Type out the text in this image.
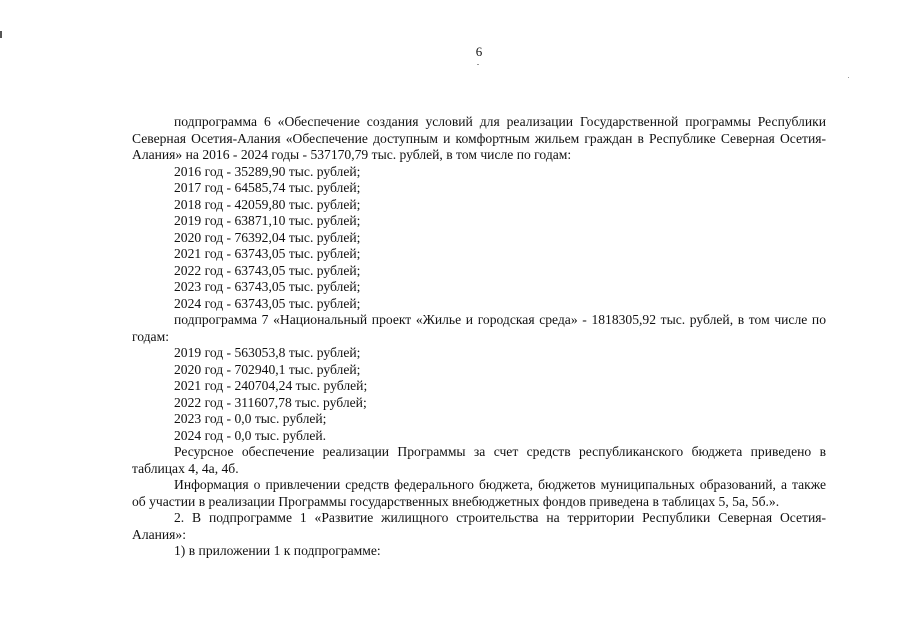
6

подпрограмма 6 «Обеспечение создания условий для реализации Государственной программы Республики Северная Осетия-Алания «Обеспечение доступным и комфортным жильем граждан в Республике Северная Осетия-Алания» на 2016 - 2024 годы - 537170,79 тыс. рублей, в том числе по годам:

2016 год - 35289,90 тыс. рублей;

2017 год - 64585,74 тыс. рублей;

2018 год - 42059,80 тыс. рублей;

2019 год - 63871,10 тыс. рублей;

2020 год - 76392,04 тыс. рублей;

2021 год - 63743,05 тыс. рублей;

2022 год - 63743,05 тыс. рублей;

2023 год - 63743,05 тыс. рублей;

2024 год - 63743,05 тыс. рублей;

подпрограмма 7 «Национальный проект «Жилье и городская среда» - 1818305,92 тыс. рублей, в том числе по годам:

2019 год - 563053,8 тыс. рублей;

2020 год - 702940,1 тыс. рублей;

2021 год - 240704,24 тыс. рублей;

2022 год - 311607,78 тыс. рублей;

2023 год - 0,0 тыс. рублей;

2024 год - 0,0 тыс. рублей.

Ресурсное обеспечение реализации Программы за счет средств республиканского бюджета приведено в таблицах 4, 4а, 4б.

Информация о привлечении средств федерального бюджета, бюджетов муниципальных образований, а также об участии в реализации Программы государственных внебюджетных фондов приведена в таблицах 5, 5а, 5б.».

2. В подпрограмме 1 «Развитие жилищного строительства на территории Республики Северная Осетия-Алания»:

1) в приложении 1 к подпрограмме:
